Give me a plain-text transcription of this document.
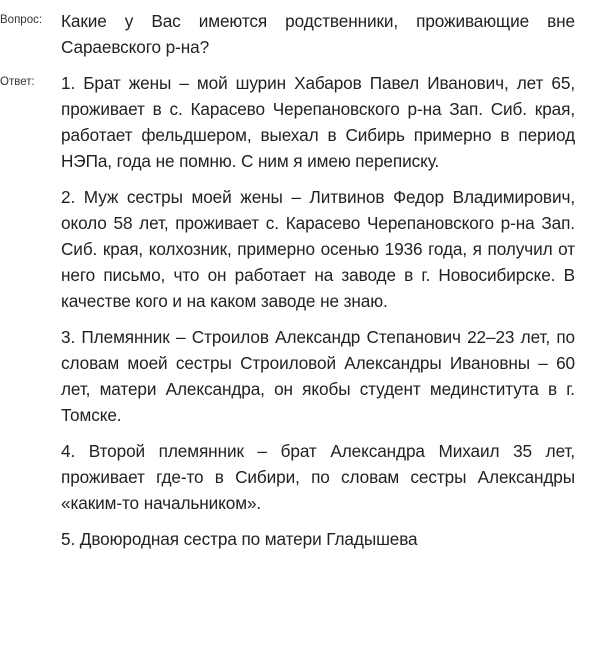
Вопрос:	Какие у Вас имеются родственники, проживающие вне Сараевского р-на?
Ответ:	1. Брат жены – мой шурин Хабаров Павел Иванович, лет 65, проживает в с. Карасево Черепановского р-на Зап. Сиб. края, работает фельдшером, выехал в Сибирь примерно в период НЭПа, года не помню. С ним я имею переписку.

2. Муж сестры моей жены – Литвинов Федор Владимирович, около 58 лет, проживает с. Карасево Черепановского р-на Зап. Сиб. края, колхозник, примерно осенью 1936 года, я получил от него письмо, что он работает на заводе в г. Новосибирске. В качестве кого и на каком заводе не знаю.

3. Племянник – Строилов Александр Степанович 22–23 лет, по словам моей сестры Строиловой Александры Ивановны – 60 лет, матери Александра, он якобы студент мединститута в г. Томске.

4. Второй племянник – брат Александра Михаил 35 лет, проживает где-то в Сибири, по словам сестры Александры «каким-то начальником».

5. Двоюродная сестра по матери Гладышева
